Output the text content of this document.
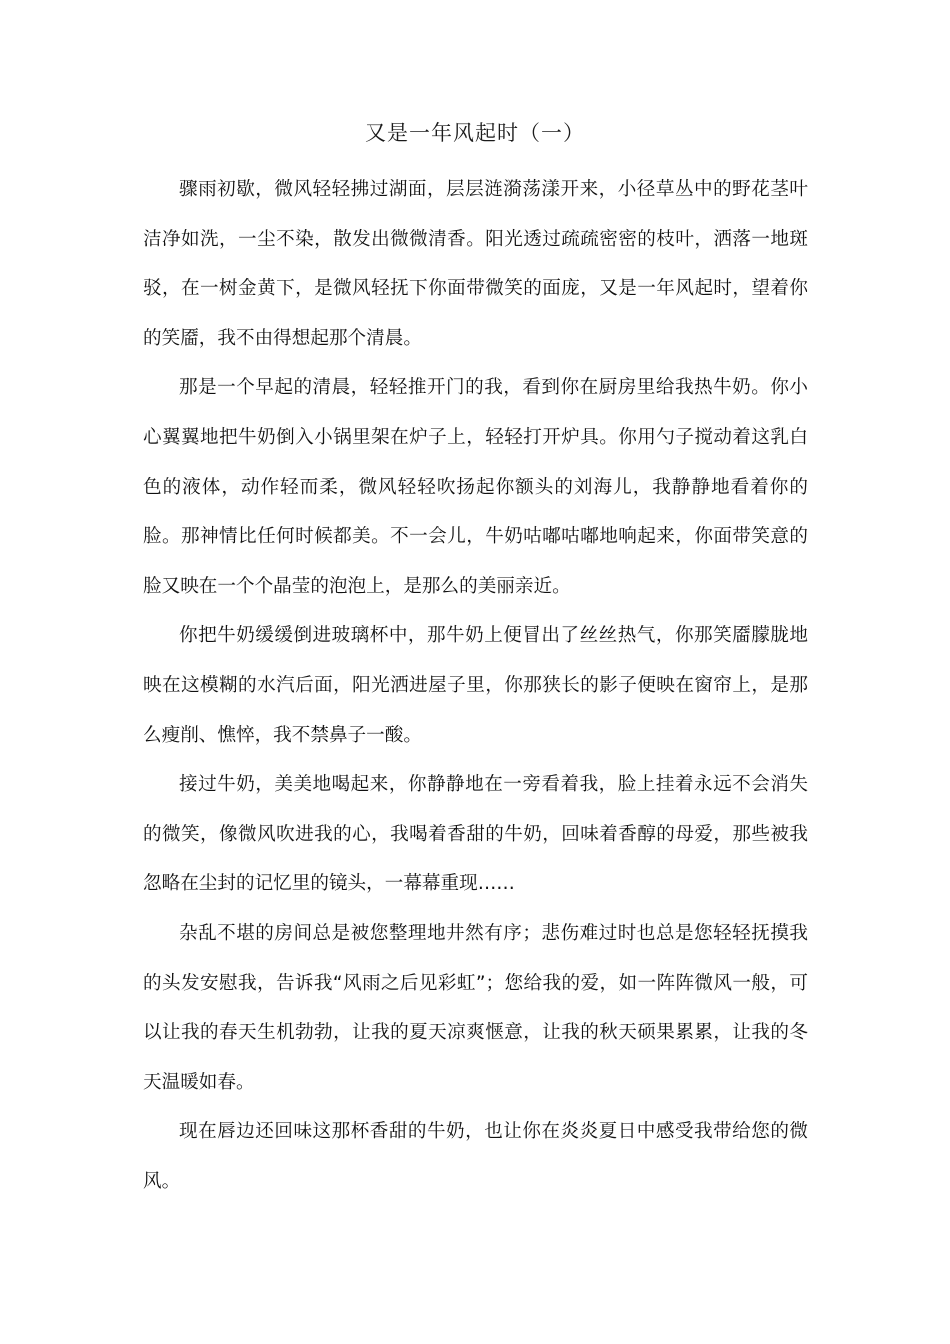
又是一年风起时（一）

骤雨初歇，微风轻轻拂过湖面，层层涟漪荡漾开来，小径草丛中的野花茎叶洁净如洗，一尘不染，散发出微微清香。阳光透过疏疏密密的枝叶，洒落一地斑驳，在一树金黄下，是微风轻抚下你面带微笑的面庞，又是一年风起时，望着你的笑靥，我不由得想起那个清晨。

那是一个早起的清晨，轻轻推开门的我，看到你在厨房里给我热牛奶。你小心翼翼地把牛奶倒入小锅里架在炉子上，轻轻打开炉具。你用勺子搅动着这乳白色的液体，动作轻而柔，微风轻轻吹扬起你额头的刘海儿，我静静地看着你的脸。那神情比任何时候都美。不一会儿，牛奶咕嘟咕嘟地响起来，你面带笑意的脸又映在一个个晶莹的泡泡上，是那么的美丽亲近。

你把牛奶缓缓倒进玻璃杯中，那牛奶上便冒出了丝丝热气，你那笑靥朦胧地映在这模糊的水汽后面，阳光洒进屋子里，你那狭长的影子便映在窗帘上，是那么瘦削、憔悴，我不禁鼻子一酸。

接过牛奶，美美地喝起来，你静静地在一旁看着我，脸上挂着永远不会消失的微笑，像微风吹进我的心，我喝着香甜的牛奶，回味着香醇的母爱，那些被我忽略在尘封的记忆里的镜头，一幕幕重现……

杂乱不堪的房间总是被您整理地井然有序；悲伤难过时也总是您轻轻抚摸我的头发安慰我，告诉我“风雨之后见彩虹”；您给我的爱，如一阵阵微风一般，可以让我的春天生机勃勃，让我的夏天凉爽惬意，让我的秋天硕果累累，让我的冬天温暖如春。

现在唇边还回味这那杯香甜的牛奶，也让你在炎炎夏日中感受我带给您的微风。
